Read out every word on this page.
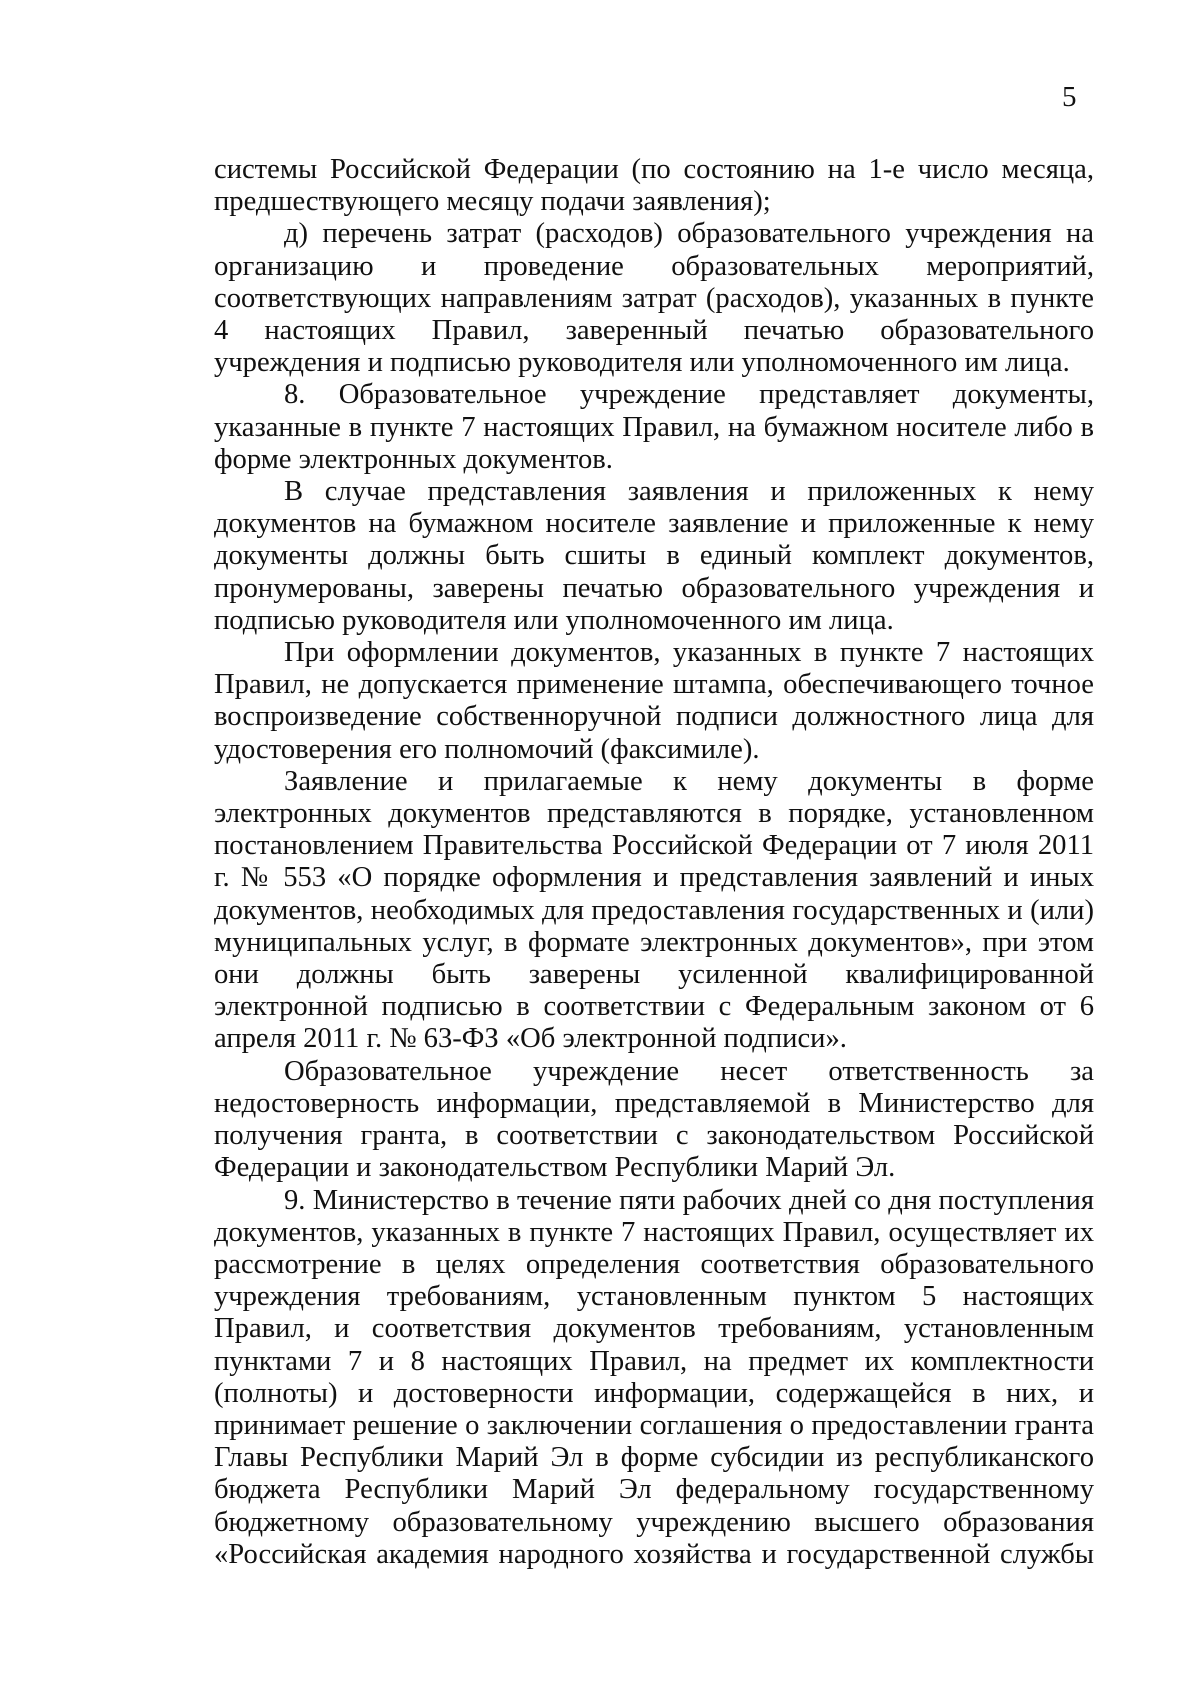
5

системы Российской Федерации (по состоянию на 1-е число месяца, предшествующего месяцу подачи заявления);

д) перечень затрат (расходов) образовательного учреждения на организацию и проведение образовательных мероприятий, соответствующих направлениям затрат (расходов), указанных в пункте 4 настоящих Правил, заверенный печатью образовательного учреждения и подписью руководителя или уполномоченного им лица.

8. Образовательное учреждение представляет документы, указанные в пункте 7 настоящих Правил, на бумажном носителе либо в форме электронных документов.

В случае представления заявления и приложенных к нему документов на бумажном носителе заявление и приложенные к нему документы должны быть сшиты в единый комплект документов, пронумерованы, заверены печатью образовательного учреждения и подписью руководителя или уполномоченного им лица.

При оформлении документов, указанных в пункте 7 настоящих Правил, не допускается применение штампа, обеспечивающего точное воспроизведение собственноручной подписи должностного лица для удостоверения его полномочий (факсимиле).

Заявление и прилагаемые к нему документы в форме электронных документов представляются в порядке, установленном постановлением Правительства Российской Федерации от 7 июля 2011 г. № 553 «О порядке оформления и представления заявлений и иных документов, необходимых для предоставления государственных и (или) муниципальных услуг, в формате электронных документов», при этом они должны быть заверены усиленной квалифицированной электронной подписью в соответствии с Федеральным законом от 6 апреля 2011 г. № 63-ФЗ «Об электронной подписи».

Образовательное учреждение несет ответственность за недостоверность информации, представляемой в Министерство для получения гранта, в соответствии с законодательством Российской Федерации и законодательством Республики Марий Эл.

9. Министерство в течение пяти рабочих дней со дня поступления документов, указанных в пункте 7 настоящих Правил, осуществляет их рассмотрение в целях определения соответствия образовательного учреждения требованиям, установленным пунктом 5 настоящих Правил, и соответствия документов требованиям, установленным пунктами 7 и 8 настоящих Правил, на предмет их комплектности (полноты) и достоверности информации, содержащейся в них, и принимает решение о заключении соглашения о предоставлении гранта Главы Республики Марий Эл в форме субсидии из республиканского бюджета Республики Марий Эл федеральному государственному бюджетному образовательному учреждению высшего образования «Российская академия народного хозяйства и государственной службы
